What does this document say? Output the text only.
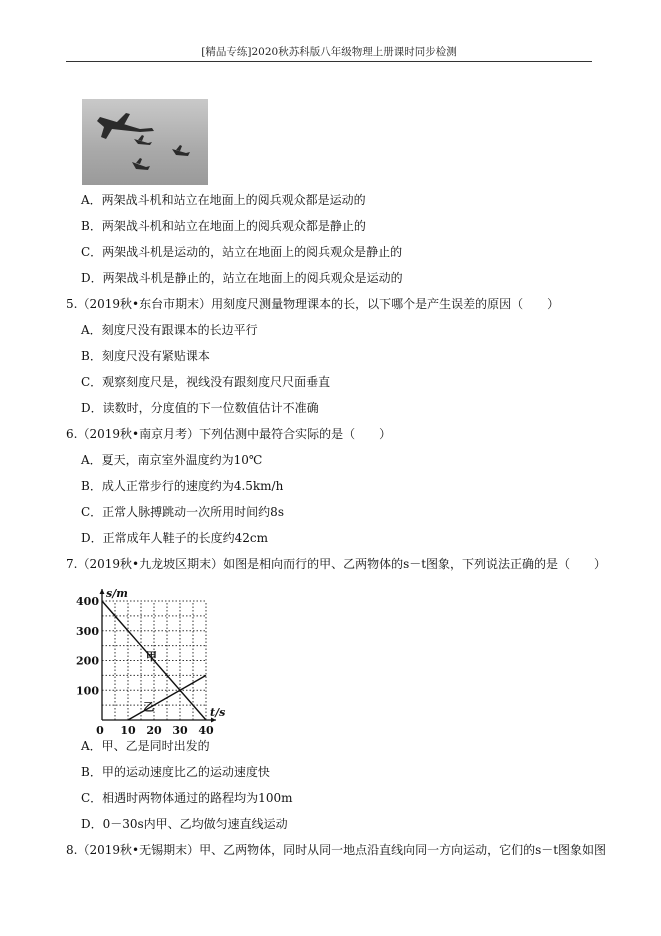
[精品专练]2020秋苏科版八年级物理上册课时同步检测
A．两架战斗机和站立在地面上的阅兵观众都是运动的
B．两架战斗机和站立在地面上的阅兵观众都是静止的
C．两架战斗机是运动的，站立在地面上的阅兵观众是静止的
D．两架战斗机是静止的，站立在地面上的阅兵观众是运动的
5.（2019秋•东台市期末）用刻度尺测量物理课本的长，以下哪个是产生误差的原因（　　）
A．刻度尺没有跟课本的长边平行
B．刻度尺没有紧贴课本
C．观察刻度尺是，视线没有跟刻度尺尺面垂直
D．读数时，分度值的下一位数值估计不准确
6.（2019秋•南京月考）下列估测中最符合实际的是（　　）
A．夏天，南京室外温度约为10℃
B．成人正常步行的速度约为4.5km/h
C．正常人脉搏跳动一次所用时间约8s
D．正常成年人鞋子的长度约42cm
7.（2019秋•九龙坡区期末）如图是相向而行的甲、乙两物体的s－t图象，下列说法正确的是（　　）
s/m
t/s
0 10 20 30 40
100
200
300
400
甲
乙
A．甲、乙是同时出发的
B．甲的运动速度比乙的运动速度快
C．相遇时两物体通过的路程均为100m
D．0－30s内甲、乙均做匀速直线运动
8.（2019秋•无锡期末）甲、乙两物体，同时从同一地点沿直线向同一方向运动，它们的s－t图象如图
